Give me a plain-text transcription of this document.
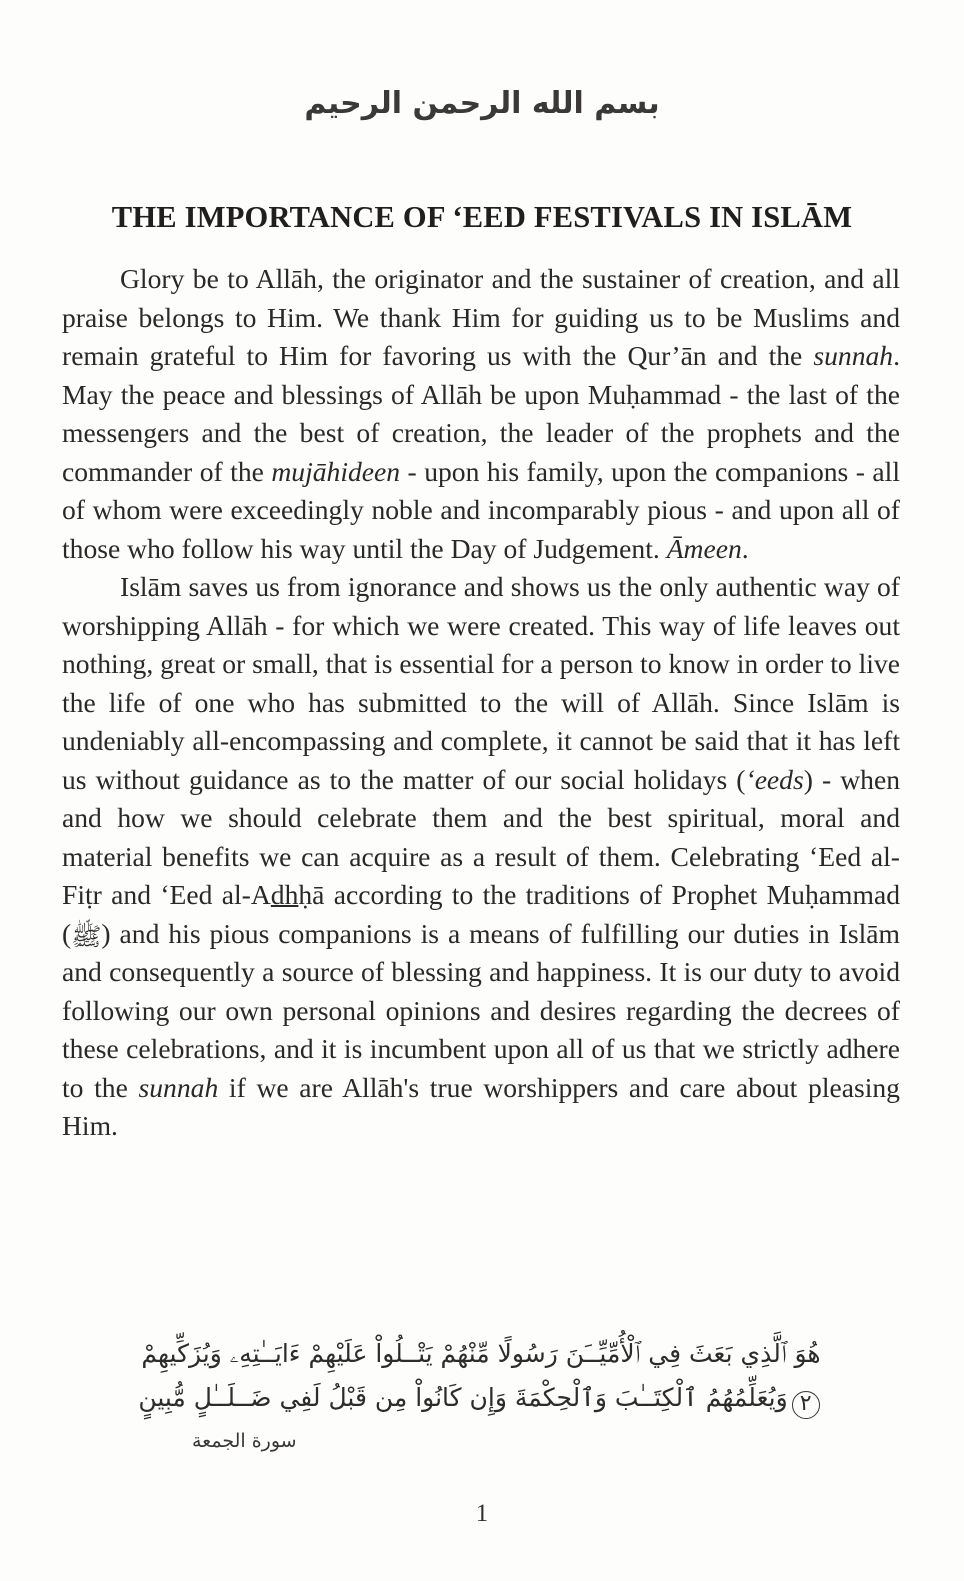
بسم الله الرحمن الرحيم
THE IMPORTANCE OF ‘EED FESTIVALS IN ISLĀM

Glory be to Allāh, the originator and the sustainer of creation, and all praise belongs to Him. We thank Him for guiding us to be Muslims and remain grateful to Him for favoring us with the Qur’ān and the sunnah. May the peace and blessings of Allāh be upon Muḥammad - the last of the messengers and the best of creation, the leader of the prophets and the commander of the mujāhideen - upon his family, upon the companions - all of whom were exceedingly noble and incomparably pious - and upon all of those who follow his way until the Day of Judgement. Āmeen.

Islām saves us from ignorance and shows us the only authentic way of worshipping Allāh - for which we were created. This way of life leaves out nothing, great or small, that is essential for a person to know in order to live the life of one who has submitted to the will of Allāh. Since Islām is undeniably all-encompassing and complete, it cannot be said that it has left us without guidance as to the matter of our social holidays (‘eeds) - when and how we should celebrate them and the best spiritual, moral and material benefits we can acquire as a result of them. Celebrating ‘Eed al-Fiṭr and ‘Eed al-Adhḥā according to the traditions of Prophet Muḥammad (ﷺ) and his pious companions is a means of fulfilling our duties in Islām and consequently a source of blessing and happiness. It is our duty to avoid following our own personal opinions and desires regarding the decrees of these celebrations, and it is incumbent upon all of us that we strictly adhere to the sunnah if we are Allāh's true worshippers and care about pleasing Him.

هُوَ ٱلَّذِي بَعَثَ فِي ٱلْأُمِّيِّــَنَ رَسُولًا مِّنْهُمْ يَتْــلُواْ عَلَيْهِمْ ءَايَــٰتِهِۦ وَيُزَكِّيهِمْ
٢وَيُعَلِّمُهُمُ ٱلْكِتَــٰبَ وَٱلْحِكْمَةَ وَإِن كَانُواْ مِن قَبْلُ لَفِي ضَــلَــٰلٍ مُّبِينٍ
سورة الجمعة
1
